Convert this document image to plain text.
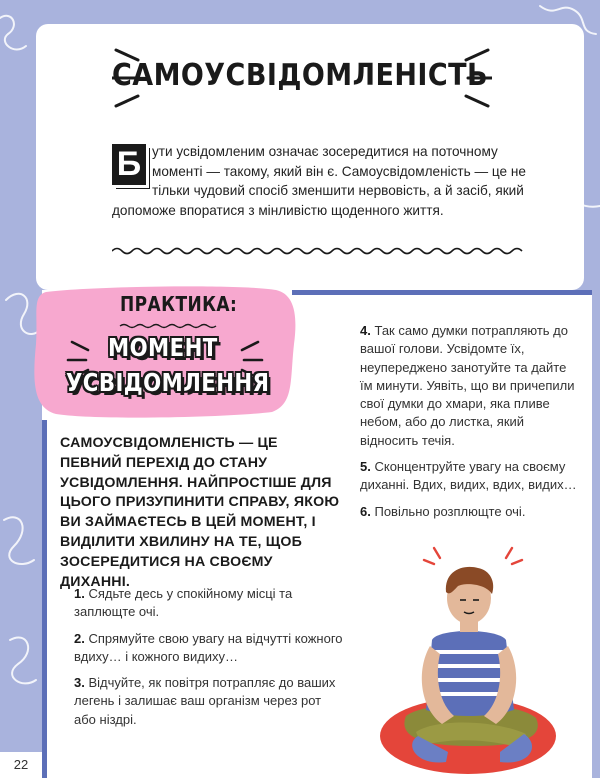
САМОУСВІДОМЛЕНІСТЬ
Б ути усвідомленим означає зосередитися на поточному моменті — такому, який він є. Самоусвідомленість — це не тільки чудовий спосіб зменшити нервовість, а й засіб, який допоможе впоратися з мінливістю щоденного життя.
ПРАКТИКА:
МОМЕНТ
УСВІДОМЛЕННЯ
САМОУСВІДОМЛЕНІСТЬ — ЦЕ ПЕВНИЙ ПЕРЕХІД ДО СТАНУ УСВІДОМЛЕННЯ. НАЙПРОСТІШЕ ДЛЯ ЦЬОГО ПРИЗУПИНИТИ СПРАВУ, ЯКОЮ ВИ ЗАЙМАЄТЕСЬ В ЦЕЙ МОМЕНТ, І ВИДІЛИТИ ХВИЛИНУ НА ТЕ, ЩОБ ЗОСЕРЕДИТИСЯ НА СВОЄМУ ДИХАННІ.
1. Сядьте десь у спокійному місці та заплющте очі.
2. Спрямуйте свою увагу на відчутті кожного вдиху… і кожного видиху…
3. Відчуйте, як повітря потрапляє до ваших легень і залишає ваш організм через рот або ніздрі.
4. Так само думки потрапляють до вашої голови. Усвідомте їх, неупереджено занотуйте та дайте їм минути. Уявіть, що ви причепили свої думки до хмари, яка пливе небом, або до листка, який відносить течія.
5. Сконцентруйте увагу на своєму диханні. Вдих, видих, вдих, видих…
6. Повільно розплющте очі.
22
